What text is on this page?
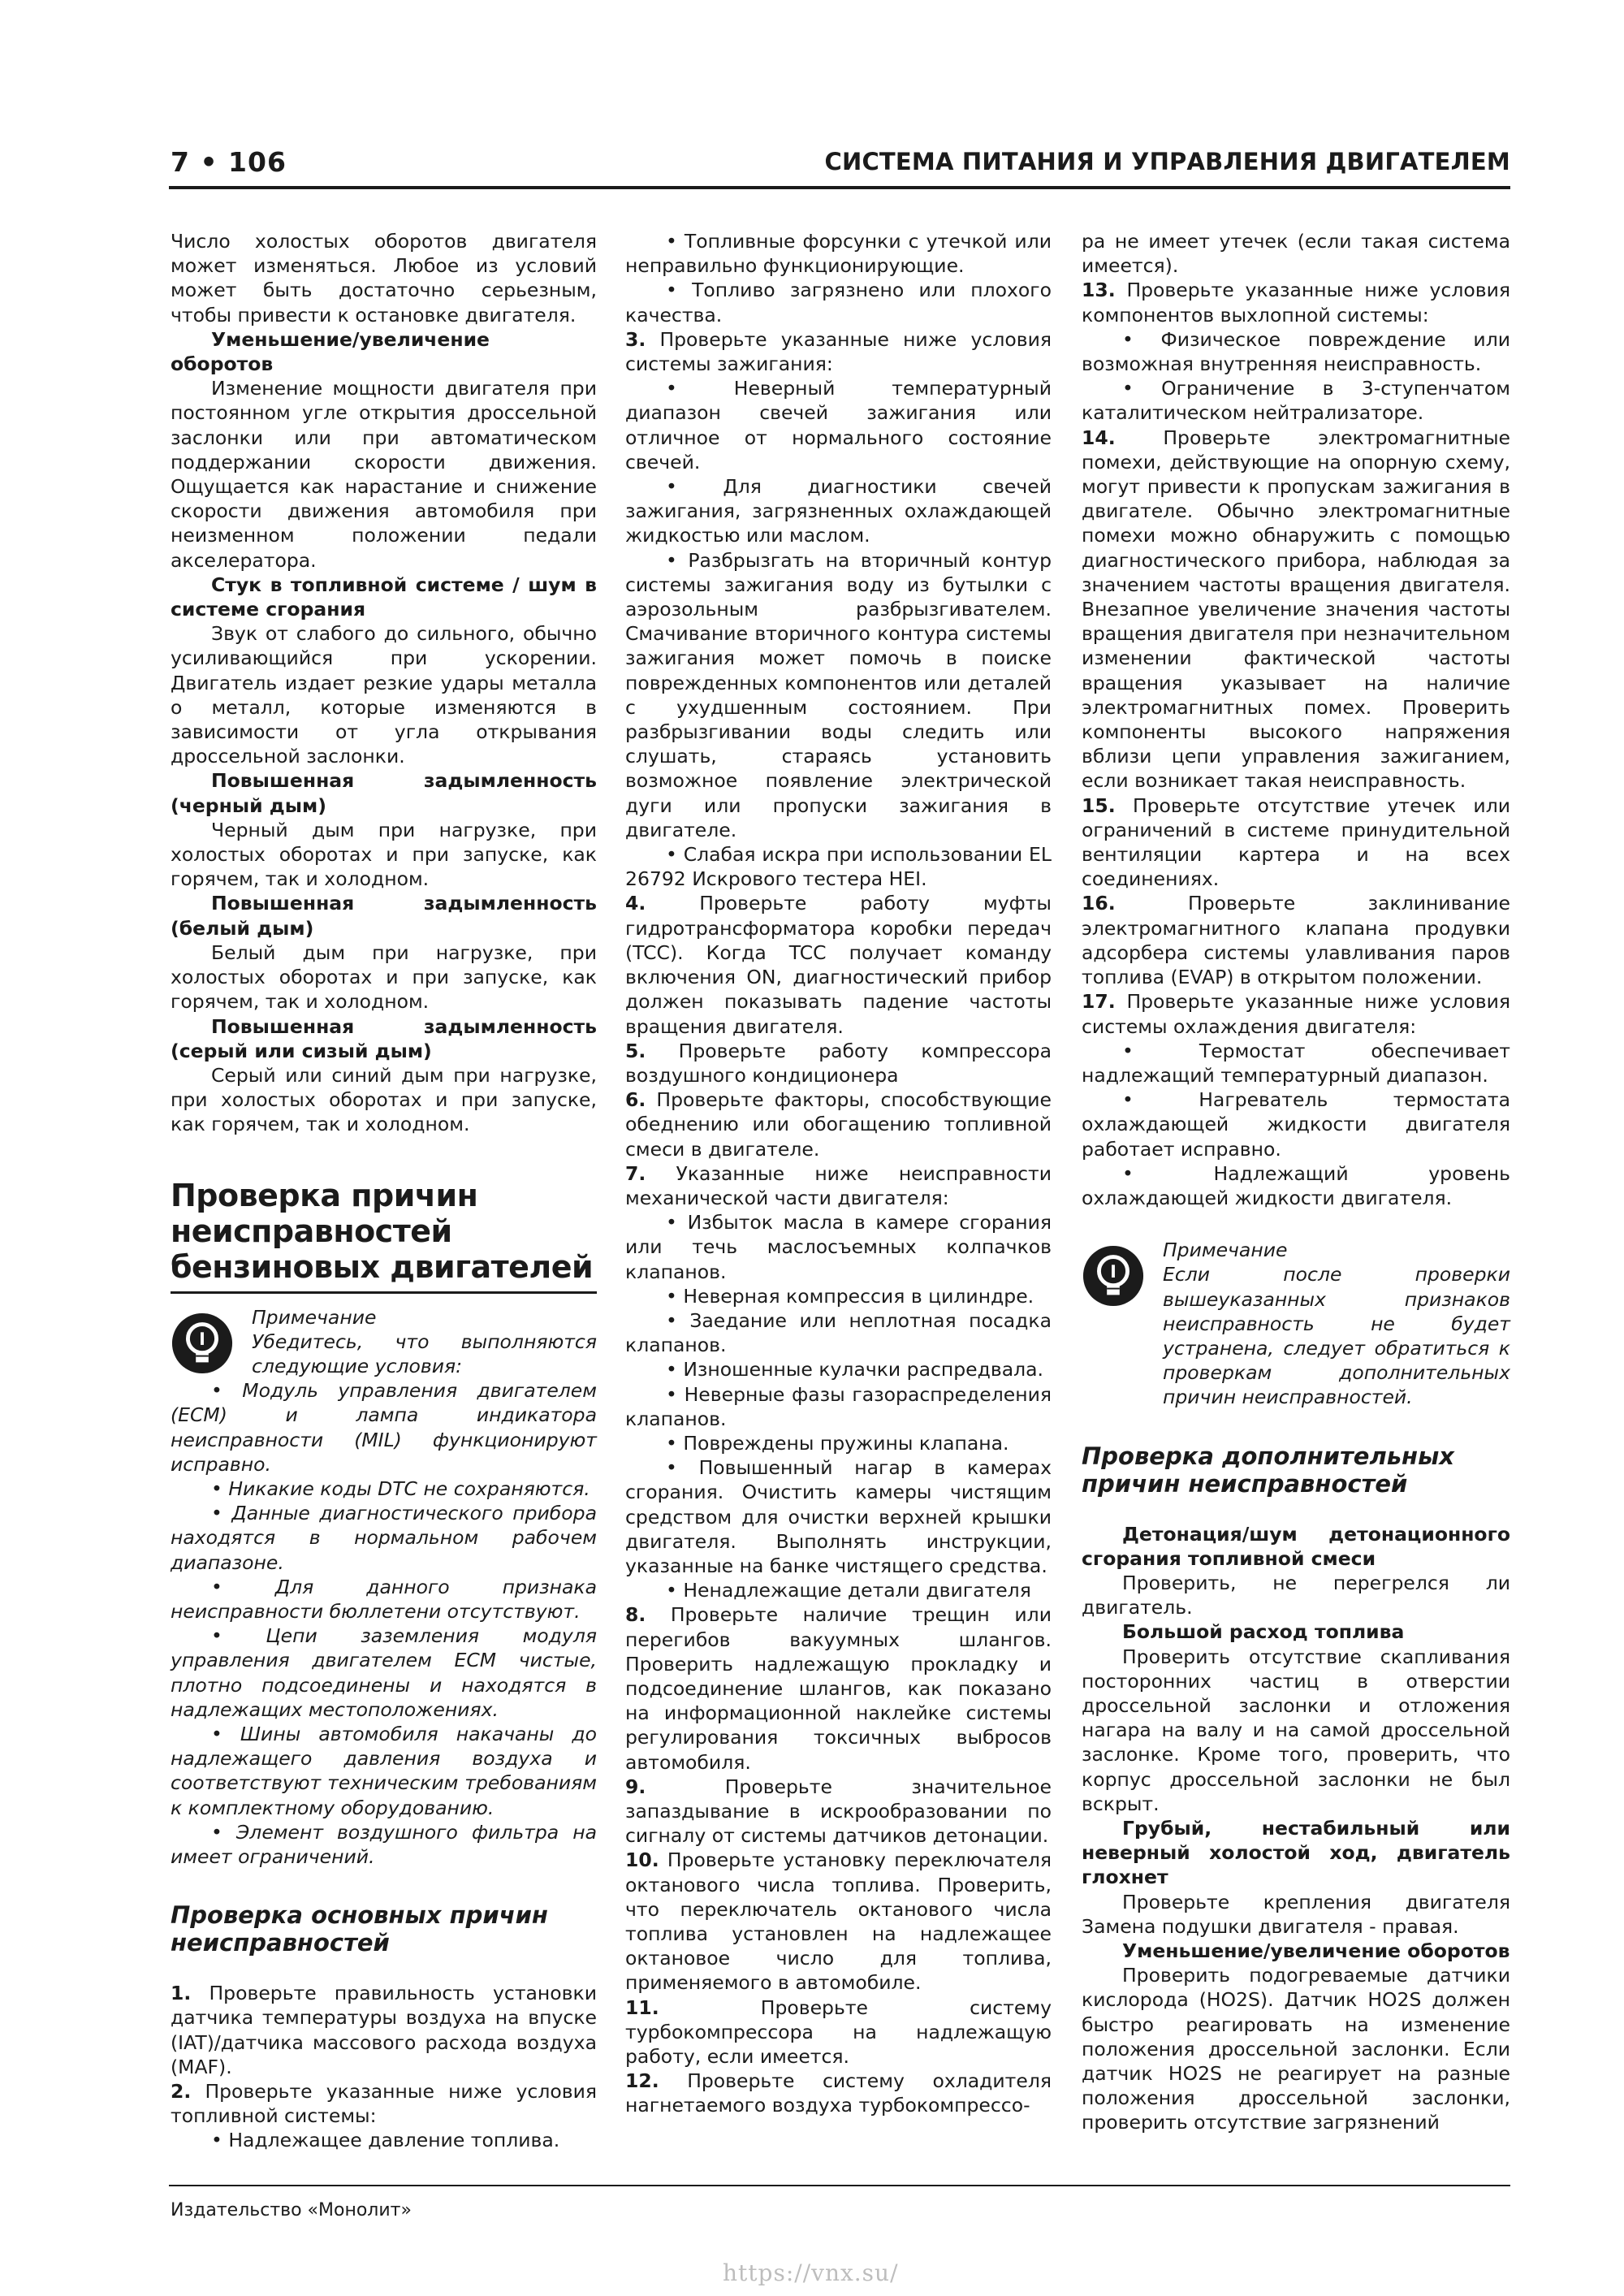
7 • 106	СИСТЕМА ПИТАНИЯ И УПРАВЛЕНИЯ ДВИГАТЕЛЕМ

Число холостых оборотов двигателя может изменяться. Любое из условий может быть достаточно серьезным, чтобы привести к остановке двигателя.

Уменьшение/увеличение оборотов

Изменение мощности двигателя при постоянном угле открытия дроссельной заслонки или при автоматическом поддержании скорости движения. Ощущается как нарастание и снижение скорости движения автомобиля при неизменном положении педали акселератора.

Стук в топливной системе / шум в системе сгорания

Звук от слабого до сильного, обычно усиливающийся при ускорении. Двигатель издает резкие удары металла о металл, которые изменяются в зависимости от угла открывания дроссельной заслонки.

Повышенная задымленность (черный дым)

Черный дым при нагрузке, при холостых оборотах и при запуске, как горячем, так и холодном.

Повышенная задымленность (белый дым)

Белый дым при нагрузке, при холостых оборотах и при запуске, как горячем, так и холодном.

Повышенная задымленность (серый или сизый дым)

Серый или синий дым при нагрузке, при холостых оборотах и при запуске, как горячем, так и холодном.

Проверка причин неисправностей бензиновых двигателей

Примечание

Убедитесь, что выполняются следующие условия:

• Модуль управления двигателем (ECM) и лампа индикатора неисправности (MIL) функционируют исправно.

• Никакие коды DTC не сохраняются.

• Данные диагностического прибора находятся в нормальном рабочем диапазоне.

• Для данного признака неисправности бюллетени отсутствуют.

• Цепи заземления модуля управления двигателем ECM чистые, плотно подсоединены и находятся в надлежащих местоположениях.

• Шины автомобиля накачаны до надлежащего давления воздуха и соответствуют техническим требованиям к комплектному оборудованию.

• Элемент воздушного фильтра на имеет ограничений.

Проверка основных причин неисправностей

1. Проверьте правильность установки датчика температуры воздуха на впуске (IAT)/датчика массового расхода воздуха (MAF).

2. Проверьте указанные ниже условия топливной системы:

• Надлежащее давление топлива.

• Топливные форсунки с утечкой или неправильно функционирующие.

• Топливо загрязнено или плохого качества.

3. Проверьте указанные ниже условия системы зажигания:

• Неверный температурный диапазон свечей зажигания или отличное от нормального состояние свечей.

• Для диагностики свечей зажигания, загрязненных охлаждающей жидкостью или маслом.

• Разбрызгать на вторичный контур системы зажигания воду из бутылки с аэрозольным разбрызгивателем. Смачивание вторичного контура системы зажигания может помочь в поиске поврежденных компонентов или деталей с ухудшенным состоянием. При разбрызгивании воды следить или слушать, стараясь установить возможное появление электрической дуги или пропуски зажигания в двигателе.

• Слабая искра при использовании EL 26792 Искрового тестера HEI.

4.	Проверьте работу муфты гидротрансформатора коробки передач (TCC). Когда TCC получает команду включения ON, диагностический прибор должен показывать падение частоты вращения двигателя.

5. Проверьте работу компрессора воздушного кондиционера

6. Проверьте факторы, способствующие обеднению или обогащению топливной смеси в двигателе.

7. Указанные ниже неисправности механической части двигателя:

• Избыток масла в камере сгорания или течь маслосъемных колпачков клапанов.

• Неверная компрессия в цилиндре.

• Заедание или неплотная посадка клапанов.

• Изношенные кулачки распредвала.

• Неверные фазы газораспределения клапанов.

• Повреждены пружины клапана.

• Повышенный нагар в камерах сгорания. Очистить камеры чистящим средством для очистки верхней крышки двигателя. Выполнять инструкции, указанные на банке чистящего средства.

• Ненадлежащие детали двигателя

8. Проверьте наличие трещин или перегибов вакуумных шлангов. Проверить надлежащую прокладку и подсоединение шлангов, как показано на информационной наклейке системы регулирования токсичных выбросов автомобиля.

9.	Проверьте значительное запаздывание в искрообразовании по сигналу от системы датчиков детонации.

10. Проверьте установку переключателя октанового числа топлива. Проверить, что переключатель октанового числа топлива установлен на надлежащее октановое число для топлива, применяемого в автомобиле.

11.	Проверьте систему турбокомпрессора на надлежащую работу, если имеется.

12. Проверьте систему охладителя нагнетаемого воздуха турбокомпрессо-

ра не имеет утечек (если такая система имеется).

13. Проверьте указанные ниже условия компонентов выхлопной системы:

• Физическое повреждение или возможная внутренняя неисправность.

• Ограничение в 3-ступенчатом каталитическом нейтрализаторе.

14. Проверьте электромагнитные помехи, действующие на опорную схему, могут привести к пропускам зажигания в двигателе. Обычно электромагнитные помехи можно обнаружить с помощью диагностического прибора, наблюдая за значением частоты вращения двигателя. Внезапное увеличение значения частоты вращения двигателя при незначительном изменении фактической частоты вращения указывает на наличие электромагнитных помех. Проверить компоненты высокого напряжения вблизи цепи управления зажиганием, если возникает такая неисправность.

15. Проверьте отсутствие утечек или ограничений в системе принудительной вентиляции картера и на всех соединениях.

16.	Проверьте заклинивание электромагнитного клапана продувки адсорбера системы улавливания паров топлива (EVAP) в открытом положении.

17. Проверьте указанные ниже условия системы охлаждения двигателя:

• Термостат обеспечивает надлежащий температурный диапазон.

• Нагреватель термостата охлаждающей жидкости двигателя работает исправно.

• Надлежащий уровень охлаждающей жидкости двигателя.

Примечание

Если после проверки вышеуказанных признаков неисправность не будет устранена, следует обратиться к проверкам дополнительных причин неисправностей.

Проверка дополнительных причин неисправностей

Детонация/шум детонационного сгорания топливной смеси

Проверить, не перегрелся ли двигатель.

Большой расход топлива

Проверить отсутствие скапливания посторонних частиц в отверстии дроссельной заслонки и отложения нагара на валу и на самой дроссельной заслонке. Кроме того, проверить, что корпус дроссельной заслонки не был вскрыт.

Грубый, нестабильный или неверный холостой ход, двигатель глохнет

Проверьте крепления двигателя Замена подушки двигателя - правая.

Уменьшение/увеличение оборотов

Проверить подогреваемые датчики кислорода (HO2S). Датчик HO2S должен быстро реагировать на изменение положения дроссельной заслонки. Если датчик HO2S не реагирует на разные положения дроссельной заслонки, проверить отсутствие загрязнений

Издательство «Монолит»
https://vnx.su/
